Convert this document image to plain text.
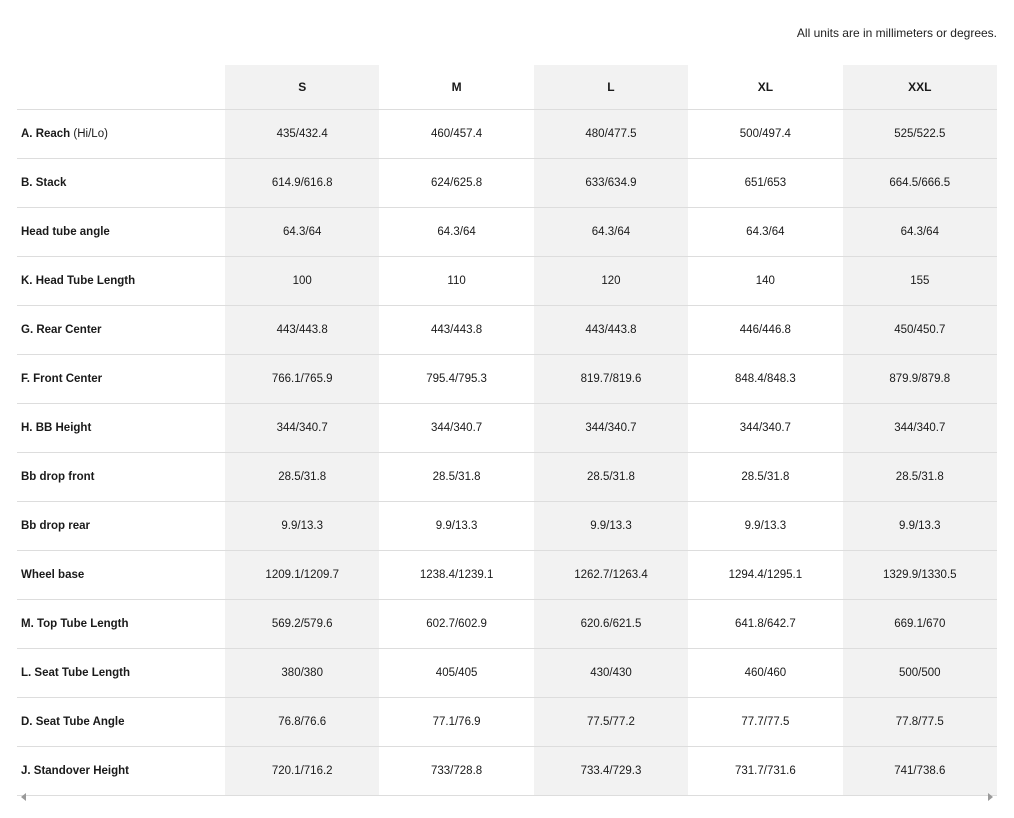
All units are in millimeters or degrees.
	S	M	L	XL	XXL
A. Reach (Hi/Lo)	435/432.4	460/457.4	480/477.5	500/497.4	525/522.5
B. Stack	614.9/616.8	624/625.8	633/634.9	651/653	664.5/666.5
Head tube angle	64.3/64	64.3/64	64.3/64	64.3/64	64.3/64
K. Head Tube Length	100	110	120	140	155
G. Rear Center	443/443.8	443/443.8	443/443.8	446/446.8	450/450.7
F. Front Center	766.1/765.9	795.4/795.3	819.7/819.6	848.4/848.3	879.9/879.8
H. BB Height	344/340.7	344/340.7	344/340.7	344/340.7	344/340.7
Bb drop front	28.5/31.8	28.5/31.8	28.5/31.8	28.5/31.8	28.5/31.8
Bb drop rear	9.9/13.3	9.9/13.3	9.9/13.3	9.9/13.3	9.9/13.3
Wheel base	1209.1/1209.7	1238.4/1239.1	1262.7/1263.4	1294.4/1295.1	1329.9/1330.5
M. Top Tube Length	569.2/579.6	602.7/602.9	620.6/621.5	641.8/642.7	669.1/670
L. Seat Tube Length	380/380	405/405	430/430	460/460	500/500
D. Seat Tube Angle	76.8/76.6	77.1/76.9	77.5/77.2	77.7/77.5	77.8/77.5
J. Standover Height	720.1/716.2	733/728.8	733.4/729.3	731.7/731.6	741/738.6
